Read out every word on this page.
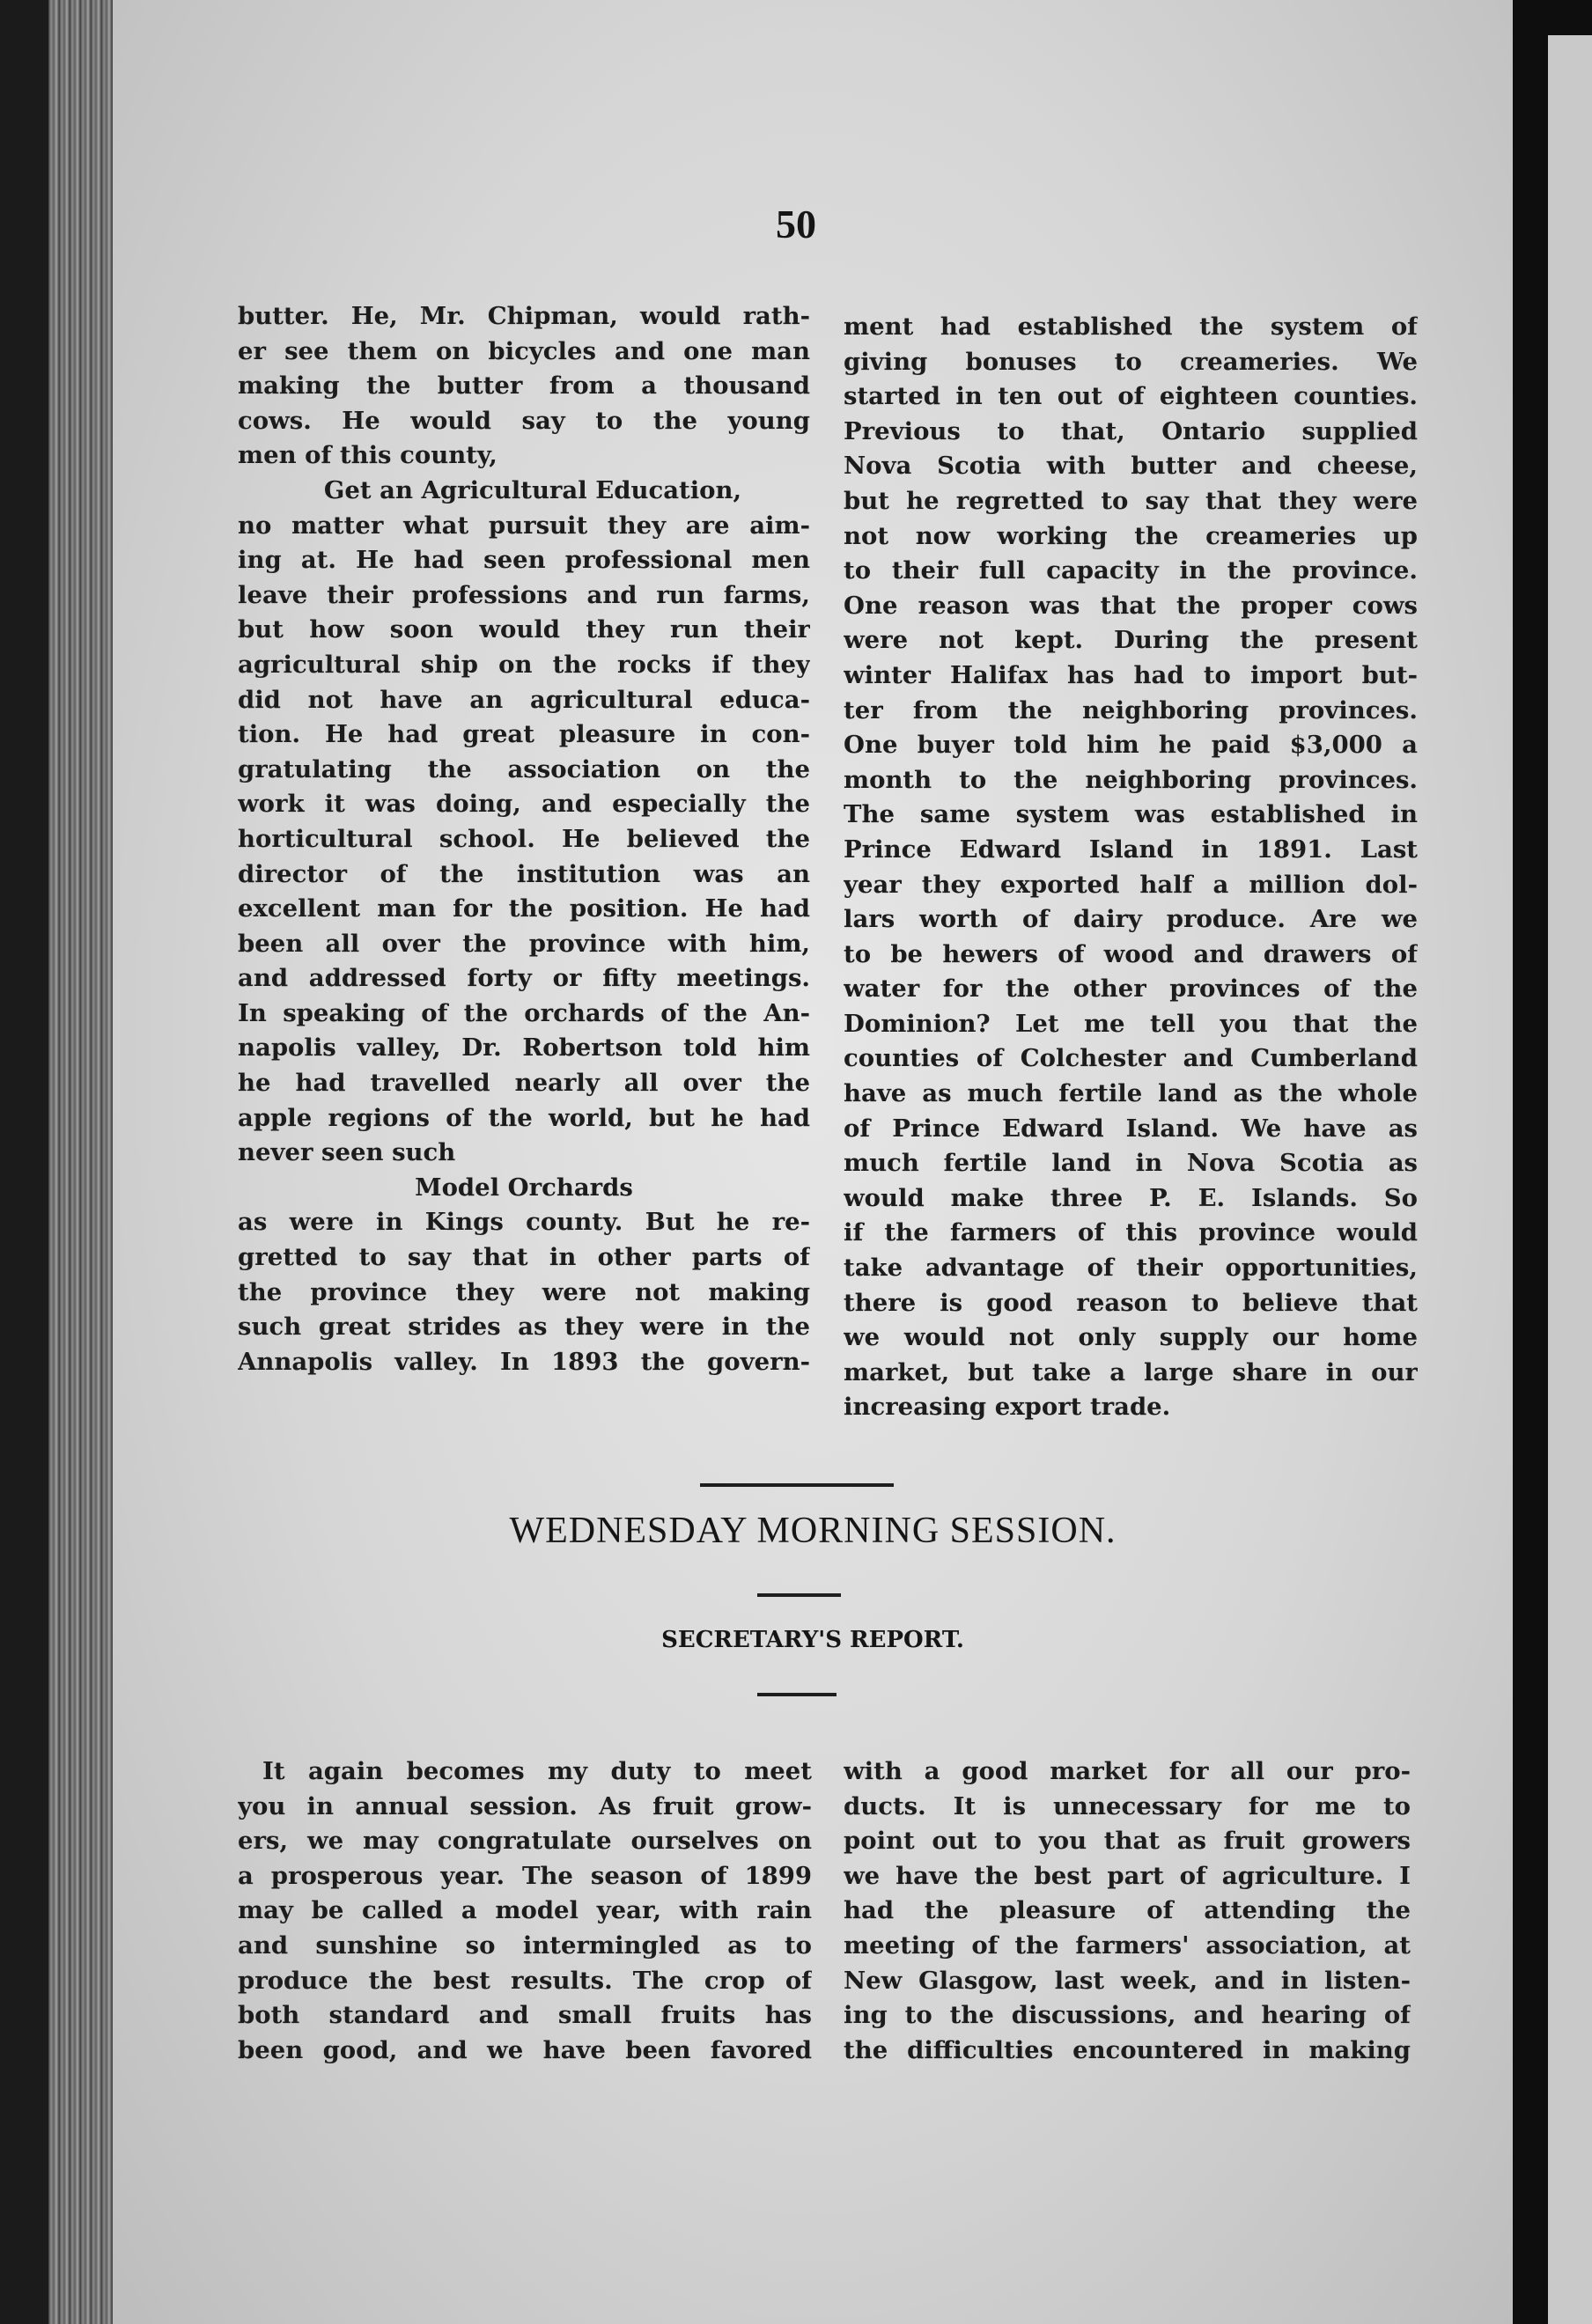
50
butter. He, Mr. Chipman, would rath-
er see them on bicycles and one man
making the butter from a thousand
cows. He would say to the young
men of this county,
Get an Agricultural Education,
no matter what pursuit they are aim-
ing at. He had seen professional men
leave their professions and run farms,
but how soon would they run their
agricultural ship on the rocks if they
did not have an agricultural educa-
tion. He had great pleasure in con-
gratulating the association on the
work it was doing, and especially the
horticultural school. He believed the
director of the institution was an
excellent man for the position. He had
been all over the province with him,
and addressed forty or fifty meetings.
In speaking of the orchards of the An-
napolis valley, Dr. Robertson told him
he had travelled nearly all over the
apple regions of the world, but he had
never seen such
Model Orchards
as were in Kings county. But he re-
gretted to say that in other parts of
the province they were not making
such great strides as they were in the
Annapolis valley. In 1893 the govern-
ment had established the system of
giving bonuses to creameries. We
started in ten out of eighteen counties.
Previous to that, Ontario supplied
Nova Scotia with butter and cheese,
but he regretted to say that they were
not now working the creameries up
to their full capacity in the province.
One reason was that the proper cows
were not kept. During the present
winter Halifax has had to import but-
ter from the neighboring provinces.
One buyer told him he paid $3,000 a
month to the neighboring provinces.
The same system was established in
Prince Edward Island in 1891. Last
year they exported half a million dol-
lars worth of dairy produce. Are we
to be hewers of wood and drawers of
water for the other provinces of the
Dominion? Let me tell you that the
counties of Colchester and Cumberland
have as much fertile land as the whole
of Prince Edward Island. We have as
much fertile land in Nova Scotia as
would make three P. E. Islands. So
if the farmers of this province would
take advantage of their opportunities,
there is good reason to believe that
we would not only supply our home
market, but take a large share in our
increasing export trade.
WEDNESDAY MORNING SESSION.
SECRETARY'S REPORT.
It again becomes my duty to meet
you in annual session. As fruit grow-
ers, we may congratulate ourselves on
a prosperous year. The season of 1899
may be called a model year, with rain
and sunshine so intermingled as to
produce the best results. The crop of
both standard and small fruits has
been good, and we have been favored
with a good market for all our pro-
ducts. It is unnecessary for me to
point out to you that as fruit growers
we have the best part of agriculture. I
had the pleasure of attending the
meeting of the farmers' association, at
New Glasgow, last week, and in listen-
ing to the discussions, and hearing of
the difficulties encountered in making
